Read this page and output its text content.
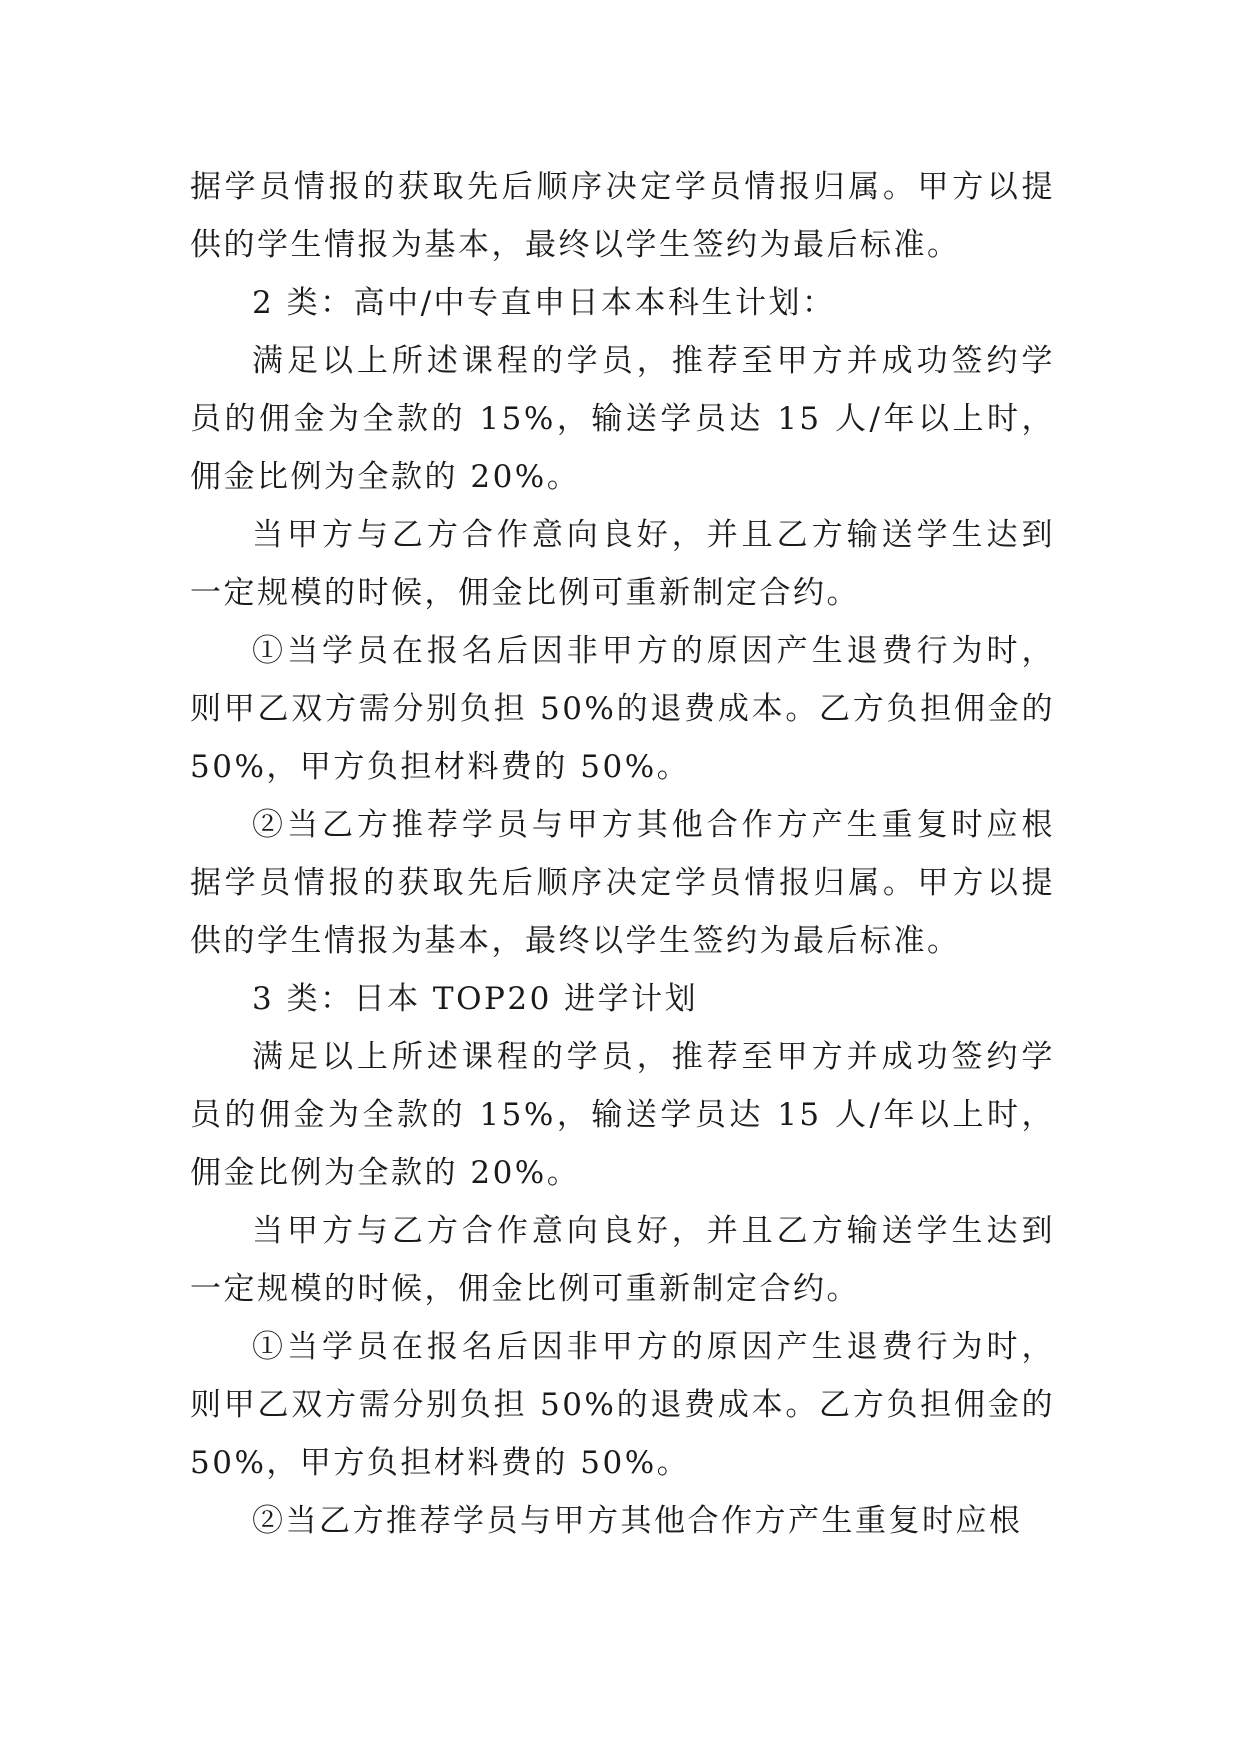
据学员情报的获取先后顺序决定学员情报归属。甲方以提供的学生情报为基本，最终以学生签约为最后标准。

2 类：高中/中专直申日本本科生计划：

满足以上所述课程的学员，推荐至甲方并成功签约学员的佣金为全款的 15%，输送学员达 15 人/年以上时，佣金比例为全款的 20%。

当甲方与乙方合作意向良好，并且乙方输送学生达到一定规模的时候，佣金比例可重新制定合约。

①当学员在报名后因非甲方的原因产生退费行为时，则甲乙双方需分别负担 50%的退费成本。乙方负担佣金的 50%，甲方负担材料费的 50%。

②当乙方推荐学员与甲方其他合作方产生重复时应根据学员情报的获取先后顺序决定学员情报归属。甲方以提供的学生情报为基本，最终以学生签约为最后标准。

3 类：日本 TOP20 进学计划

满足以上所述课程的学员，推荐至甲方并成功签约学员的佣金为全款的 15%，输送学员达 15 人/年以上时，佣金比例为全款的 20%。

当甲方与乙方合作意向良好，并且乙方输送学生达到一定规模的时候，佣金比例可重新制定合约。

①当学员在报名后因非甲方的原因产生退费行为时，则甲乙双方需分别负担 50%的退费成本。乙方负担佣金的 50%，甲方负担材料费的 50%。

②当乙方推荐学员与甲方其他合作方产生重复时应根
